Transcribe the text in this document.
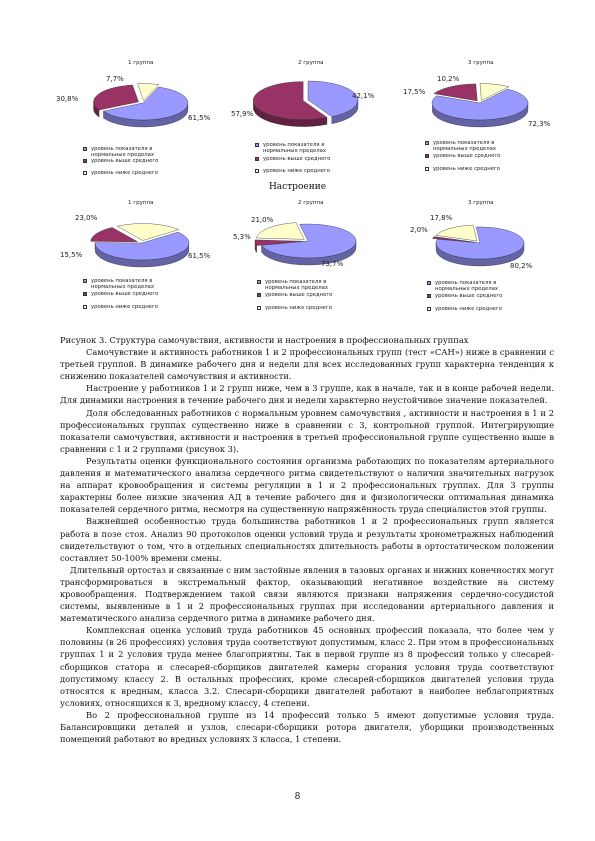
1 группа
61,5%
30,8%
7,7%
уровень показателя в нормальных пределах
уровень выше среднего
уровень ниже среднего
2 группа
42,1%
57,9%
уровень показателя в нормальных пределах
уровень выше среднего
уровень ниже среднего
3 группа
72,3%
17,5%
10,2%
уровень показателя в нормальных пределах
уровень выше среднего
уровень ниже среднего
Настроение
1 группа
61,5%
15,5%
23,0%
уровень показателя в нормальных пределах
уровень выше среднего
уровень ниже среднего
2 группа
73,7%
5,3%
21,0%
уровень показателя в нормальных пределах
уровень выше среднего
уровень ниже среднего
3 группа
80,2%
2,0%
17,8%
уровень показателя в нормальных пределах
уровень выше среднего
уровень ниже среднего

Рисунок 3. Структура самочувствия, активности и настроения в профессиональных группах

Самочувствие и активность работников 1 и 2 профессиональных групп (тест «САН») ниже в сравнении с третьей группой. В динамике рабочего дня и недели для всех исследованных групп характерна тенденция к снижению показателей самочувствия и активности.

Настроение у работников 1 и 2 групп ниже, чем в 3 группе, как в начале, так и в конце рабочей недели. Для динамики настроения в течение рабочего дня и недели характерно неустойчивое значение показателей.

Доля обследованных работников с нормальным уровнем самочувствия , активности и настроения в 1 и 2 профессиональных группах существенно ниже в сравнении с 3, контрольной группой. Интегрирующие показатели самочувствия, активности и настроения в третьей профессиональной группе существенно выше в сравнении с 1 и 2 группами (рисунок 3).

Результаты оценки функционального состояния организма работающих по показателям артериального давления и математического анализа сердечного ритма свидетельствуют о наличии значительных нагрузок на аппарат кровообращения и системы регуляции в 1 и 2 профессиональных группах. Для 3 группы характерны более низкие значения АД в течение рабочего дня и физиологически оптимальная динамика показателей сердечного ритма, несмотря на существенную напряжённость труда специалистов этой группы.

Важнейшей особенностью труда большинства работников 1 и 2 профессиональных групп является работа в позе стоя. Анализ 90 протоколов оценки условий труда и результаты хронометражных наблюдений свидетельствуют о том, что в отдельных специальностях длительность работы в ортостатическом положении составляет 50-100% времени смены.

Длительный ортостаз и связанные с ним застойные явления в тазовых органах и нижних конечностях могут трансформироваться в экстремальный фактор, оказывающий негативное воздействие на систему кровообращения. Подтверждением такой связи являются признаки напряжения сердечно-сосудистой системы, выявленные в 1 и 2 профессиональных группах при исследовании артериального давления и математического анализа сердечного ритма в динамике рабочего дня.

Комплексная оценка условий труда работников 45 основных профессий показала, что более чем у половины (в 26 профессиях) условия труда соответствуют допустимым, класс 2. При этом в профессиональных группах 1 и 2 условия труда менее благоприятны. Так в первой группе из 8 профессий только у слесарей-сборщиков статора и слесарей-сборщиков двигателей камеры сгорания условия труда соответствуют допустимому классу 2. В остальных профессиях, кроме слесарей-сборщиков двигателей условия труда относятся к вредным, класса 3.2. Слесари-сборщики двигателей работают в наиболее неблагоприятных условиях, относящихся к 3, вредному классу, 4 степени.

Во 2 профессиональной группе из 14 профессий только 5 имеют допустимые условия труда. Балансировщики деталей и узлов, слесари-сборщики ротора двигателя, уборщики производственных помещений работают во вредных условиях 3 класса, 1 степени.

8
